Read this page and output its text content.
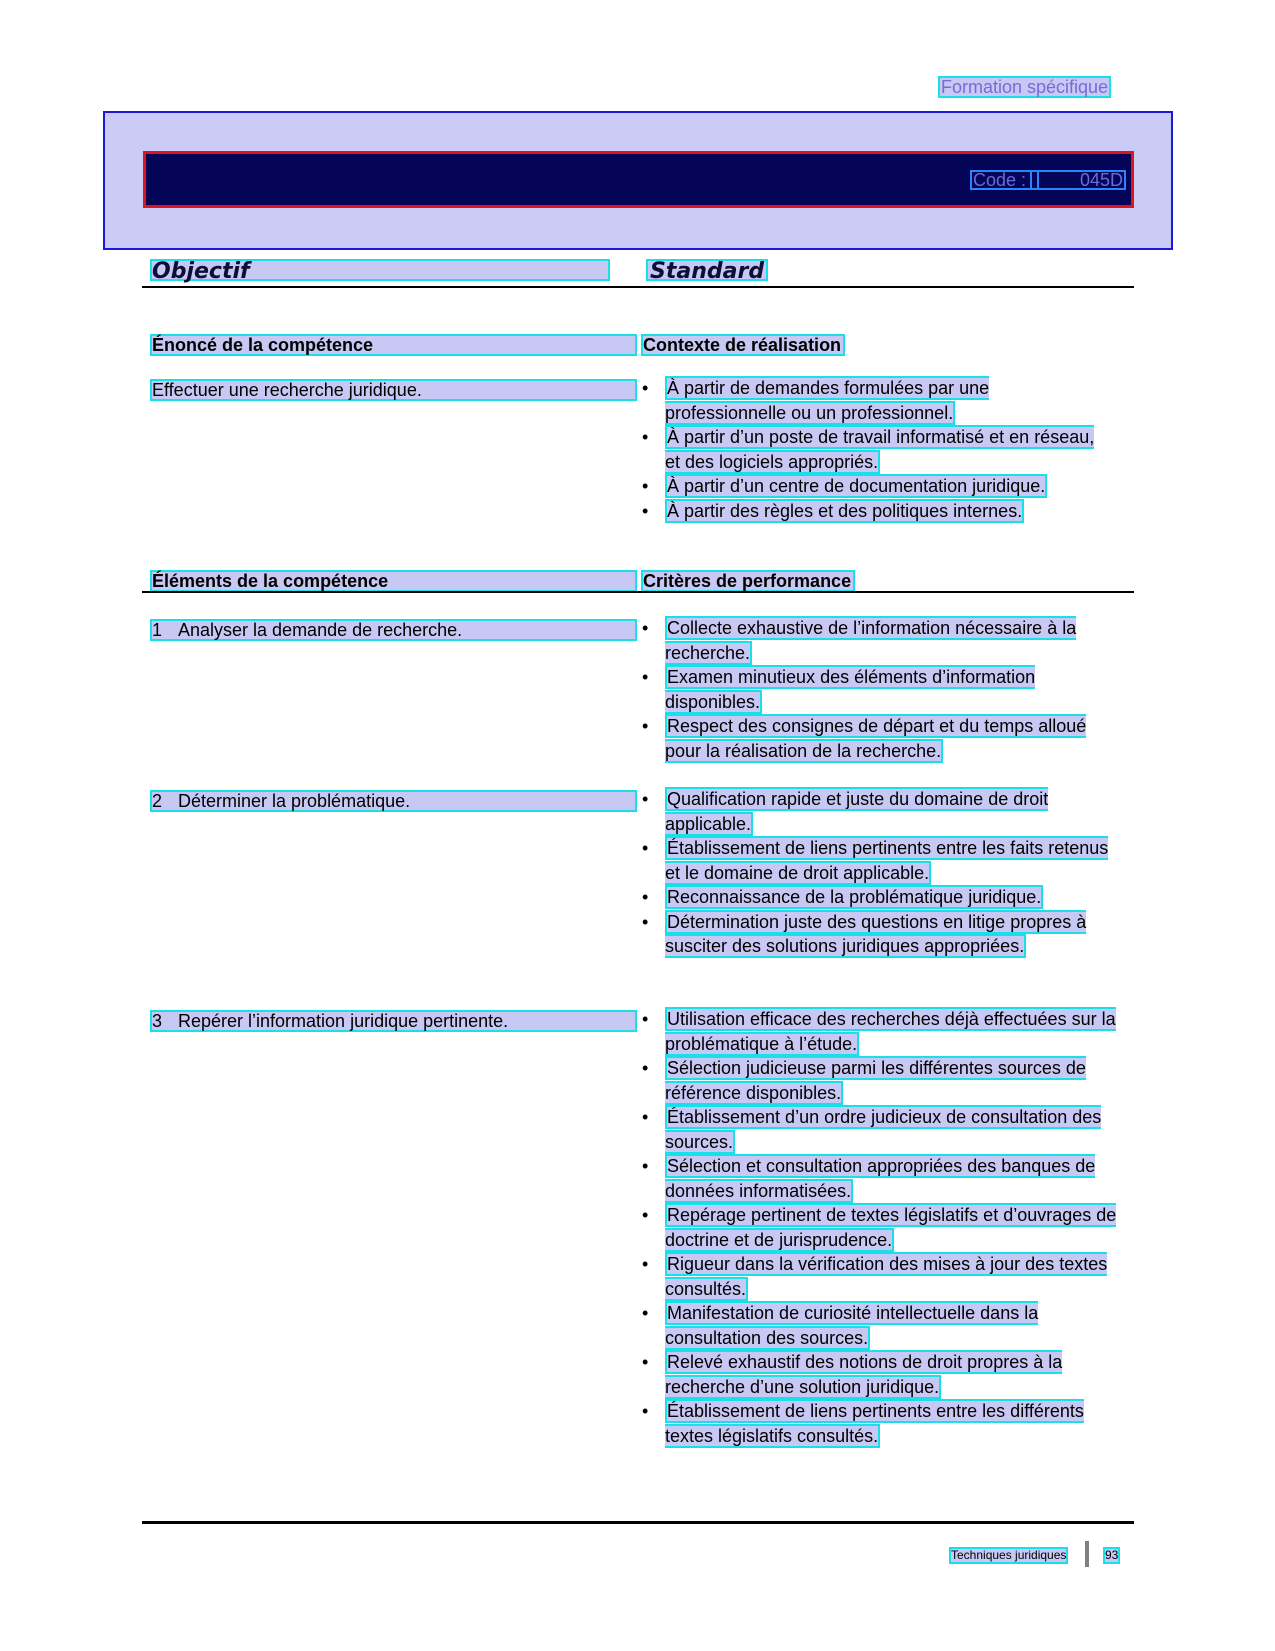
Formation spécifique
Code :	045D
Objectif	Standard
Énoncé de la compétence	Contexte de réalisation
Effectuer une recherche juridique.	• À partir de demandes formulées par une professionnelle ou un professionnel.
• À partir d’un poste de travail informatisé et en réseau, et des logiciels appropriés.
• À partir d’un centre de documentation juridique.
• À partir des règles et des politiques internes.
Éléments de la compétence	Critères de performance
1 Analyser la demande de recherche.	• Collecte exhaustive de l’information nécessaire à la recherche.
• Examen minutieux des éléments d’information disponibles.
• Respect des consignes de départ et du temps alloué pour la réalisation de la recherche.
2 Déterminer la problématique.	• Qualification rapide et juste du domaine de droit applicable.
• Établissement de liens pertinents entre les faits retenus et le domaine de droit applicable.
• Reconnaissance de la problématique juridique.
• Détermination juste des questions en litige propres à susciter des solutions juridiques appropriées.
3 Repérer l’information juridique pertinente.	• Utilisation efficace des recherches déjà effectuées sur la problématique à l’étude.
• Sélection judicieuse parmi les différentes sources de référence disponibles.
• Établissement d’un ordre judicieux de consultation des sources.
• Sélection et consultation appropriées des banques de données informatisées.
• Repérage pertinent de textes législatifs et d’ouvrages de doctrine et de jurisprudence.
• Rigueur dans la vérification des mises à jour des textes consultés.
• Manifestation de curiosité intellectuelle dans la consultation des sources.
• Relevé exhaustif des notions de droit propres à la recherche d’une solution juridique.
• Établissement de liens pertinents entre les différents textes législatifs consultés.
Techniques juridiques	93
